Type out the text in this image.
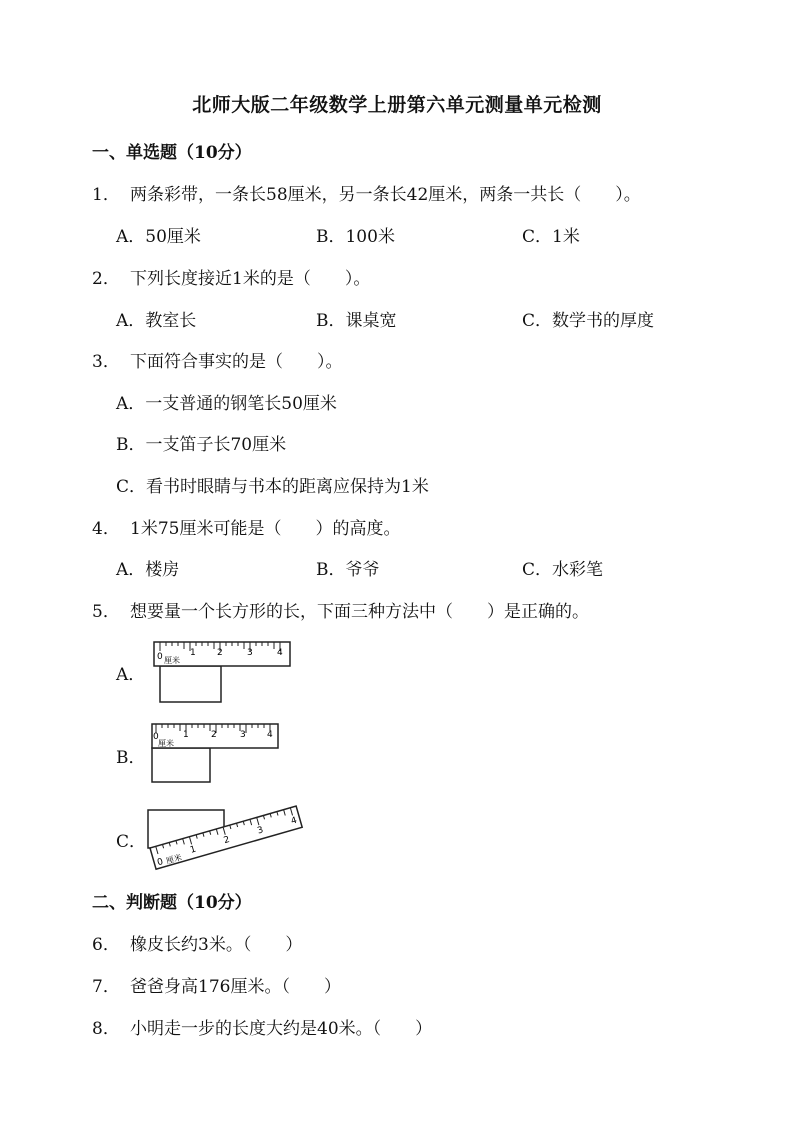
北师大版二年级数学上册第六单元测量单元检测
一、单选题（10分）
1． 两条彩带，一条长58厘米，另一条长42厘米，两条一共长（　　）。
A．50厘米	B．100米	C．1米
2． 下列长度接近1米的是（　　）。
A．教室长	B．课桌宽	C．数学书的厚度
3． 下面符合事实的是（　　）。
A．一支普通的钢笔长50厘米
B．一支笛子长70厘米
C．看书时眼睛与书本的距离应保持为1米
4． 1米75厘米可能是（　　）的高度。
A．楼房	B．爷爷	C．水彩笔
5． 想要量一个长方形的长，下面三种方法中（　　）是正确的。
A．
0	1 2	3	4
厘米
B．
0	1 2	3 4
厘米
C．
0
1
2
3
4
厘米
二、判断题（10分）
6． 橡皮长约3米。（　　）
7． 爸爸身高176厘米。（　　）
8． 小明走一步的长度大约是40米。（　　）
